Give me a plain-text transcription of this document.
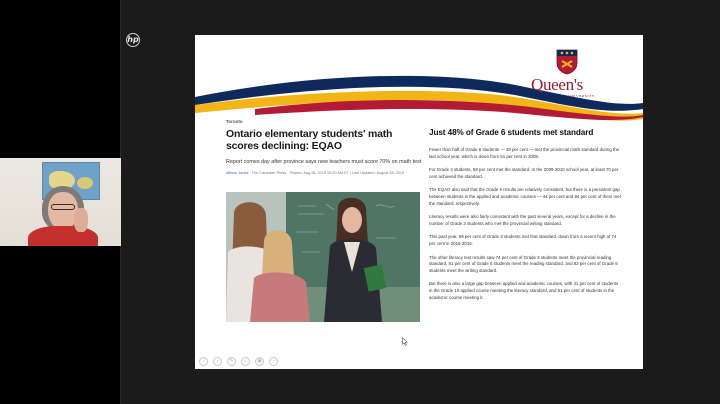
hp
Queen's
UNIVERSITY
Toronto
Ontario elementary students' math scores declining: EQAO
Report comes day after province says new teachers must score 70% on math test
Allison Jones · The Canadian Press · Posted: Aug 28, 2019 10:20 AM ET | Last Updated: August 28, 2019
Just 48% of Grade 6 students met standard

Fewer than half of Grade 6 students — 48 per cent — met the provincial math standard during the last school year, which is down from 61 per cent in 2009.

For Grade 3 students, 58 per cent met the standard. In the 2009-2010 school year, at least 70 per cent achieved the standard.

The EQAO also said that the Grade 9 results are relatively consistent, but there is a persistent gap between students in the applied and academic courses — 44 per cent and 84 per cent of them met the standard, respectively.

Literacy results were also fairly consistent with the past several years, except for a decline in the number of Grade 3 students who met the provincial writing standard.

This past year, 69 per cent of Grade 3 students met that standard, down from a recent high of 74 per cent in 2015-2016.

The other literacy test results saw 74 per cent of Grade 3 students meet the provincial reading standard, 81 per cent of Grade 6 students meet the reading standard, and 82 per cent of Grade 6 students meet the writing standard.

But there is also a large gap between applied and academic courses, with 41 per cent of students in the Grade 10 applied course meeting the literacy standard, and 91 per cent of students in the academic course meeting it.

‹	›	✎	⌕	▣	⋯
